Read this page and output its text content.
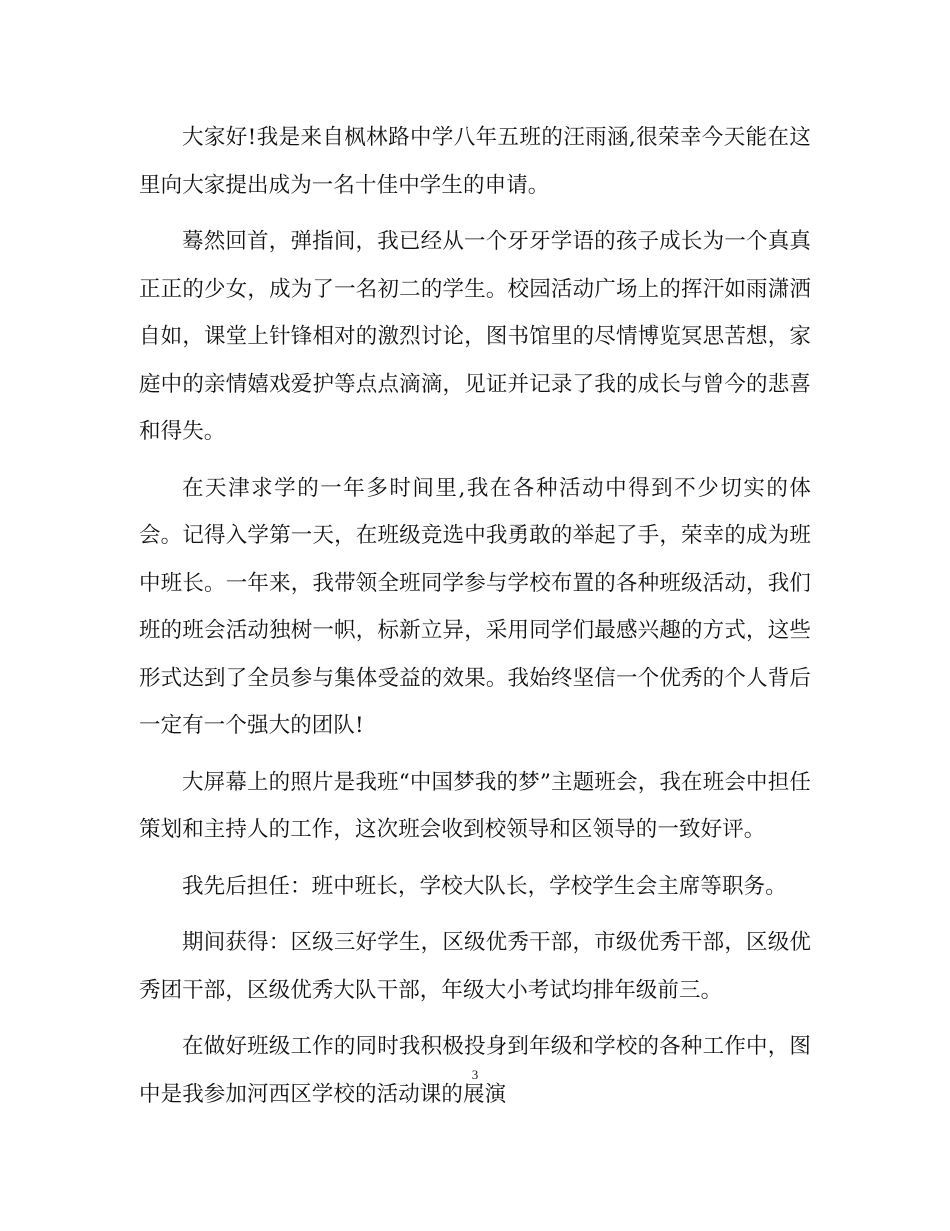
大家好!我是来自枫林路中学八年五班的汪雨涵,很荣幸今天能在这里向大家提出成为一名十佳中学生的申请。

蓦然回首，弹指间，我已经从一个牙牙学语的孩子成长为一个真真正正的少女，成为了一名初二的学生。校园活动广场上的挥汗如雨潇洒自如，课堂上针锋相对的激烈讨论，图书馆里的尽情博览冥思苦想，家庭中的亲情嬉戏爱护等点点滴滴，见证并记录了我的成长与曾今的悲喜和得失。

在天津求学的一年多时间里,我在各种活动中得到不少切实的体会。记得入学第一天，在班级竞选中我勇敢的举起了手，荣幸的成为班中班长。一年来，我带领全班同学参与学校布置的各种班级活动，我们班的班会活动独树一帜，标新立异，采用同学们最感兴趣的方式，这些形式达到了全员参与集体受益的效果。我始终坚信一个优秀的个人背后一定有一个强大的团队!

大屏幕上的照片是我班“中国梦我的梦”主题班会，我在班会中担任策划和主持人的工作，这次班会收到校领导和区领导的一致好评。

我先后担任：班中班长，学校大队长，学校学生会主席等职务。

期间获得：区级三好学生，区级优秀干部，市级优秀干部，区级优秀团干部，区级优秀大队干部，年级大小考试均排年级前三。

在做好班级工作的同时我积极投身到年级和学校的各种工作中，图中是我参加河西区学校的活动课的展演

3
